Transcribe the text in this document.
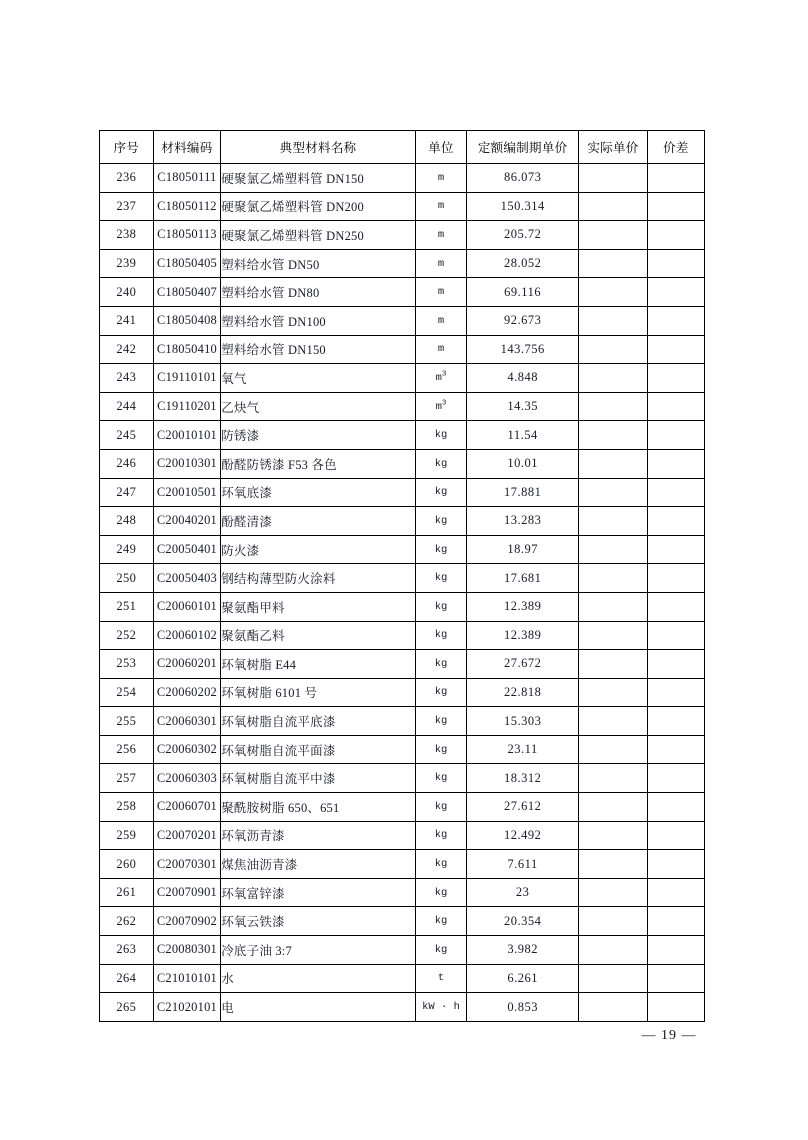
序号	材料编码	典型材料名称	单位	定额编制期单价	实际单价	价差
236	C18050111	硬聚氯乙烯塑料管 DN150	m	86.073		
237	C18050112	硬聚氯乙烯塑料管 DN200	m	150.314		
238	C18050113	硬聚氯乙烯塑料管 DN250	m	205.72		
239	C18050405	塑料给水管 DN50	m	28.052		
240	C18050407	塑料给水管 DN80	m	69.116		
241	C18050408	塑料给水管 DN100	m	92.673		
242	C18050410	塑料给水管 DN150	m	143.756		
243	C19110101	氧气	$m^3$	4.848		
244	C19110201	乙炔气	$m^3$	14.35		
245	C20010101	防锈漆	kg	11.54		
246	C20010301	酚醛防锈漆 F53 各色	kg	10.01		
247	C20010501	环氧底漆	kg	17.881		
248	C20040201	酚醛清漆	kg	13.283		
249	C20050401	防火漆	kg	18.97		
250	C20050403	钢结构薄型防火涂料	kg	17.681		
251	C20060101	聚氨酯甲料	kg	12.389		
252	C20060102	聚氨酯乙料	kg	12.389		
253	C20060201	环氧树脂 E44	kg	27.672		
254	C20060202	环氧树脂 6101 号	kg	22.818		
255	C20060301	环氧树脂自流平底漆	kg	15.303		
256	C20060302	环氧树脂自流平面漆	kg	23.11		
257	C20060303	环氧树脂自流平中漆	kg	18.312		
258	C20060701	聚酰胺树脂 650、651	kg	27.612		
259	C20070201	环氧沥青漆	kg	12.492		
260	C20070301	煤焦油沥青漆	kg	7.611		
261	C20070901	环氧富锌漆	kg	23		
262	C20070902	环氧云铁漆	kg	20.354		
263	C20080301	冷底子油 3:7	kg	3.982		
264	C21010101	水	t	6.261		
265	C21020101	电	kW · h	0.853		
— 19 —
